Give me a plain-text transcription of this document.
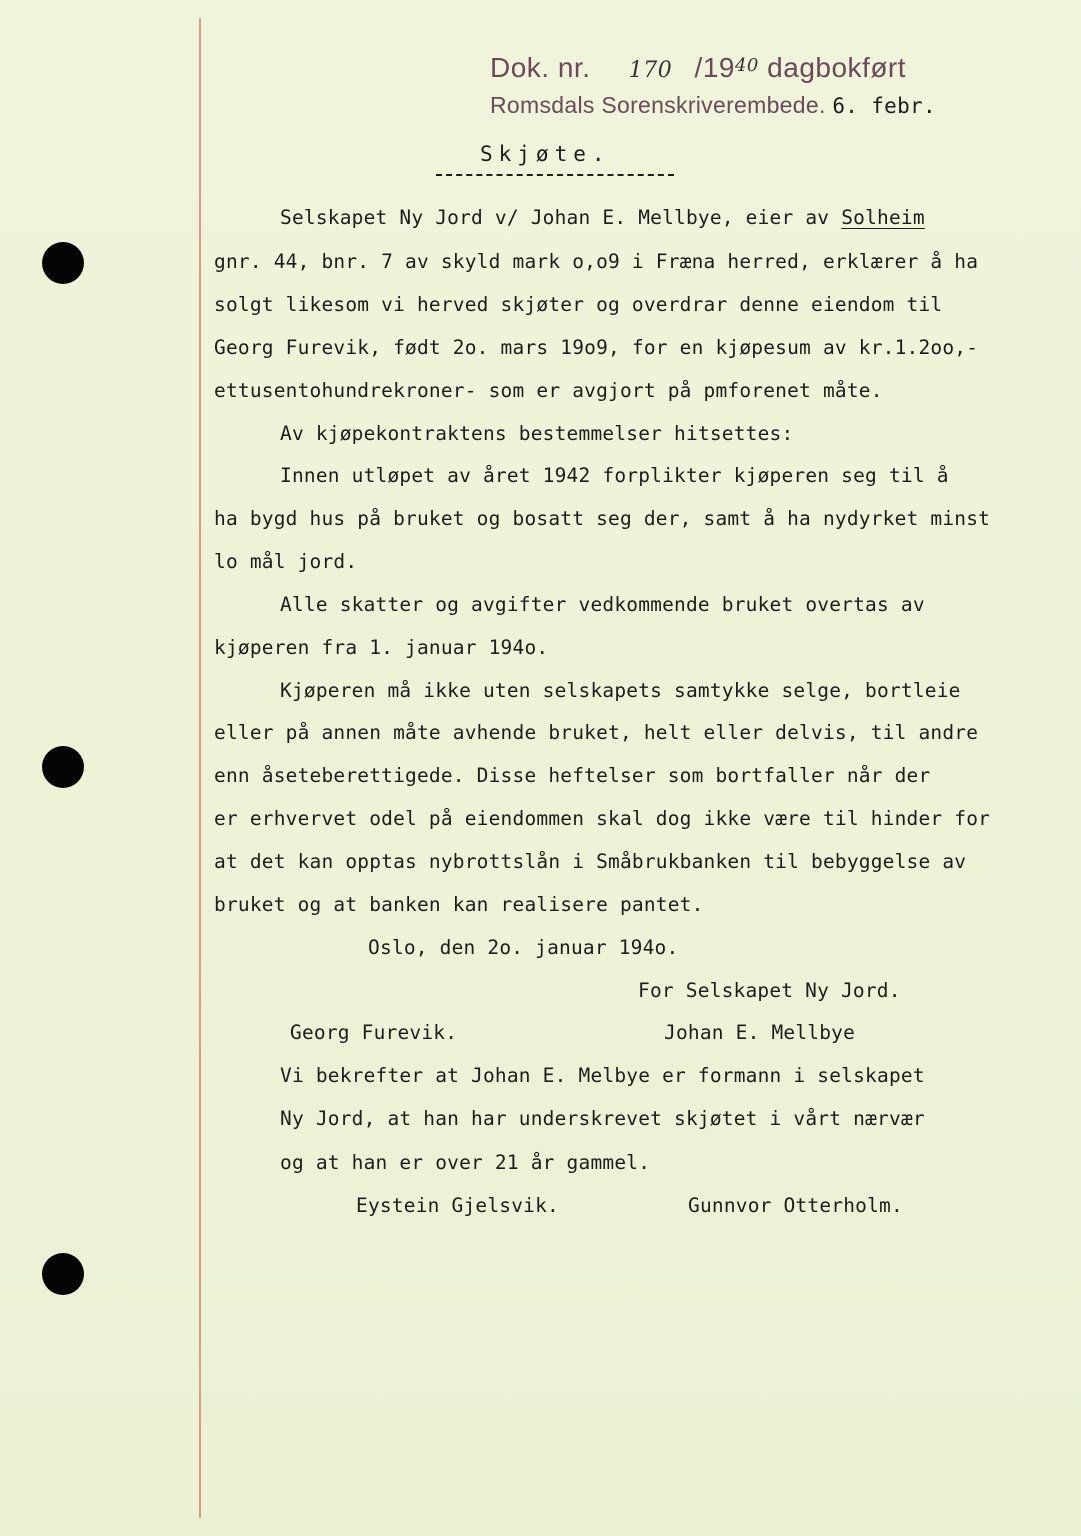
Dok. nr. 170 $/19^{40}$ dagbokført
Romsdals Sorenskriverembede. 6. febr.
Skjøte.
Selskapet Ny Jord v/ Johan E. Mellbye, eier av Solheim
gnr. 44, bnr. 7 av skyld mark o,o9 i Fræna herred, erklærer å ha
solgt likesom vi herved skjøter og overdrar denne eiendom til
Georg Furevik, født 2o. mars 19o9, for en kjøpesum av kr.1.2oo,-
ettusentohundrekroner- som er avgjort på pmforenet måte.
Av kjøpekontraktens bestemmelser hitsettes:
Innen utløpet av året 1942 forplikter kjøperen seg til å
ha bygd hus på bruket og bosatt seg der, samt å ha nydyrket minst
lo mål jord.
Alle skatter og avgifter vedkommende bruket overtas av
kjøperen fra 1. januar 194o.
Kjøperen må ikke uten selskapets samtykke selge, bortleie
eller på annen måte avhende bruket, helt eller delvis, til andre
enn åseteberettigede. Disse heftelser som bortfaller når der
er erhvervet odel på eiendommen skal dog ikke være til hinder for
at det kan opptas nybrottslån i Småbrukbanken til bebyggelse av
bruket og at banken kan realisere pantet.
Oslo, den 2o. januar 194o.
For Selskapet Ny Jord.
Georg Furevik.	Johan E. Mellbye
Vi bekrefter at Johan E. Melbye er formann i selskapet
Ny Jord, at han har underskrevet skjøtet i vårt nærvær
og at han er over 21 år gammel.
Eystein Gjelsvik.	Gunnvor Otterholm.
